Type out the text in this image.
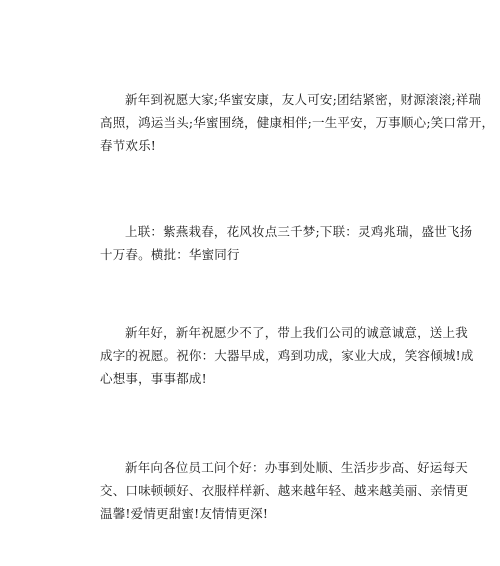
新年到祝愿大家;华蜜安康，友人可安;团结紧密，财源滚滚;祥瑞
高照，鸿运当头;华蜜围绕，健康相伴;一生平安，万事顺心;笑口常开，
春节欢乐!

上联：紫燕栽春，花风妆点三千梦;下联：灵鸡兆瑞，盛世飞扬
十万春。横批：华蜜同行

新年好，新年祝愿少不了，带上我们公司的诚意诚意，送上我
成字的祝愿。祝你：大器早成，鸡到功成，家业大成，笑容倾城!成
心想事，事事都成!

新年向各位员工问个好：办事到处顺、生活步步高、好运每天
交、口味顿顿好、衣服样样新、越来越年轻、越来越美丽、亲情更
温馨!爱情更甜蜜!友情情更深!
